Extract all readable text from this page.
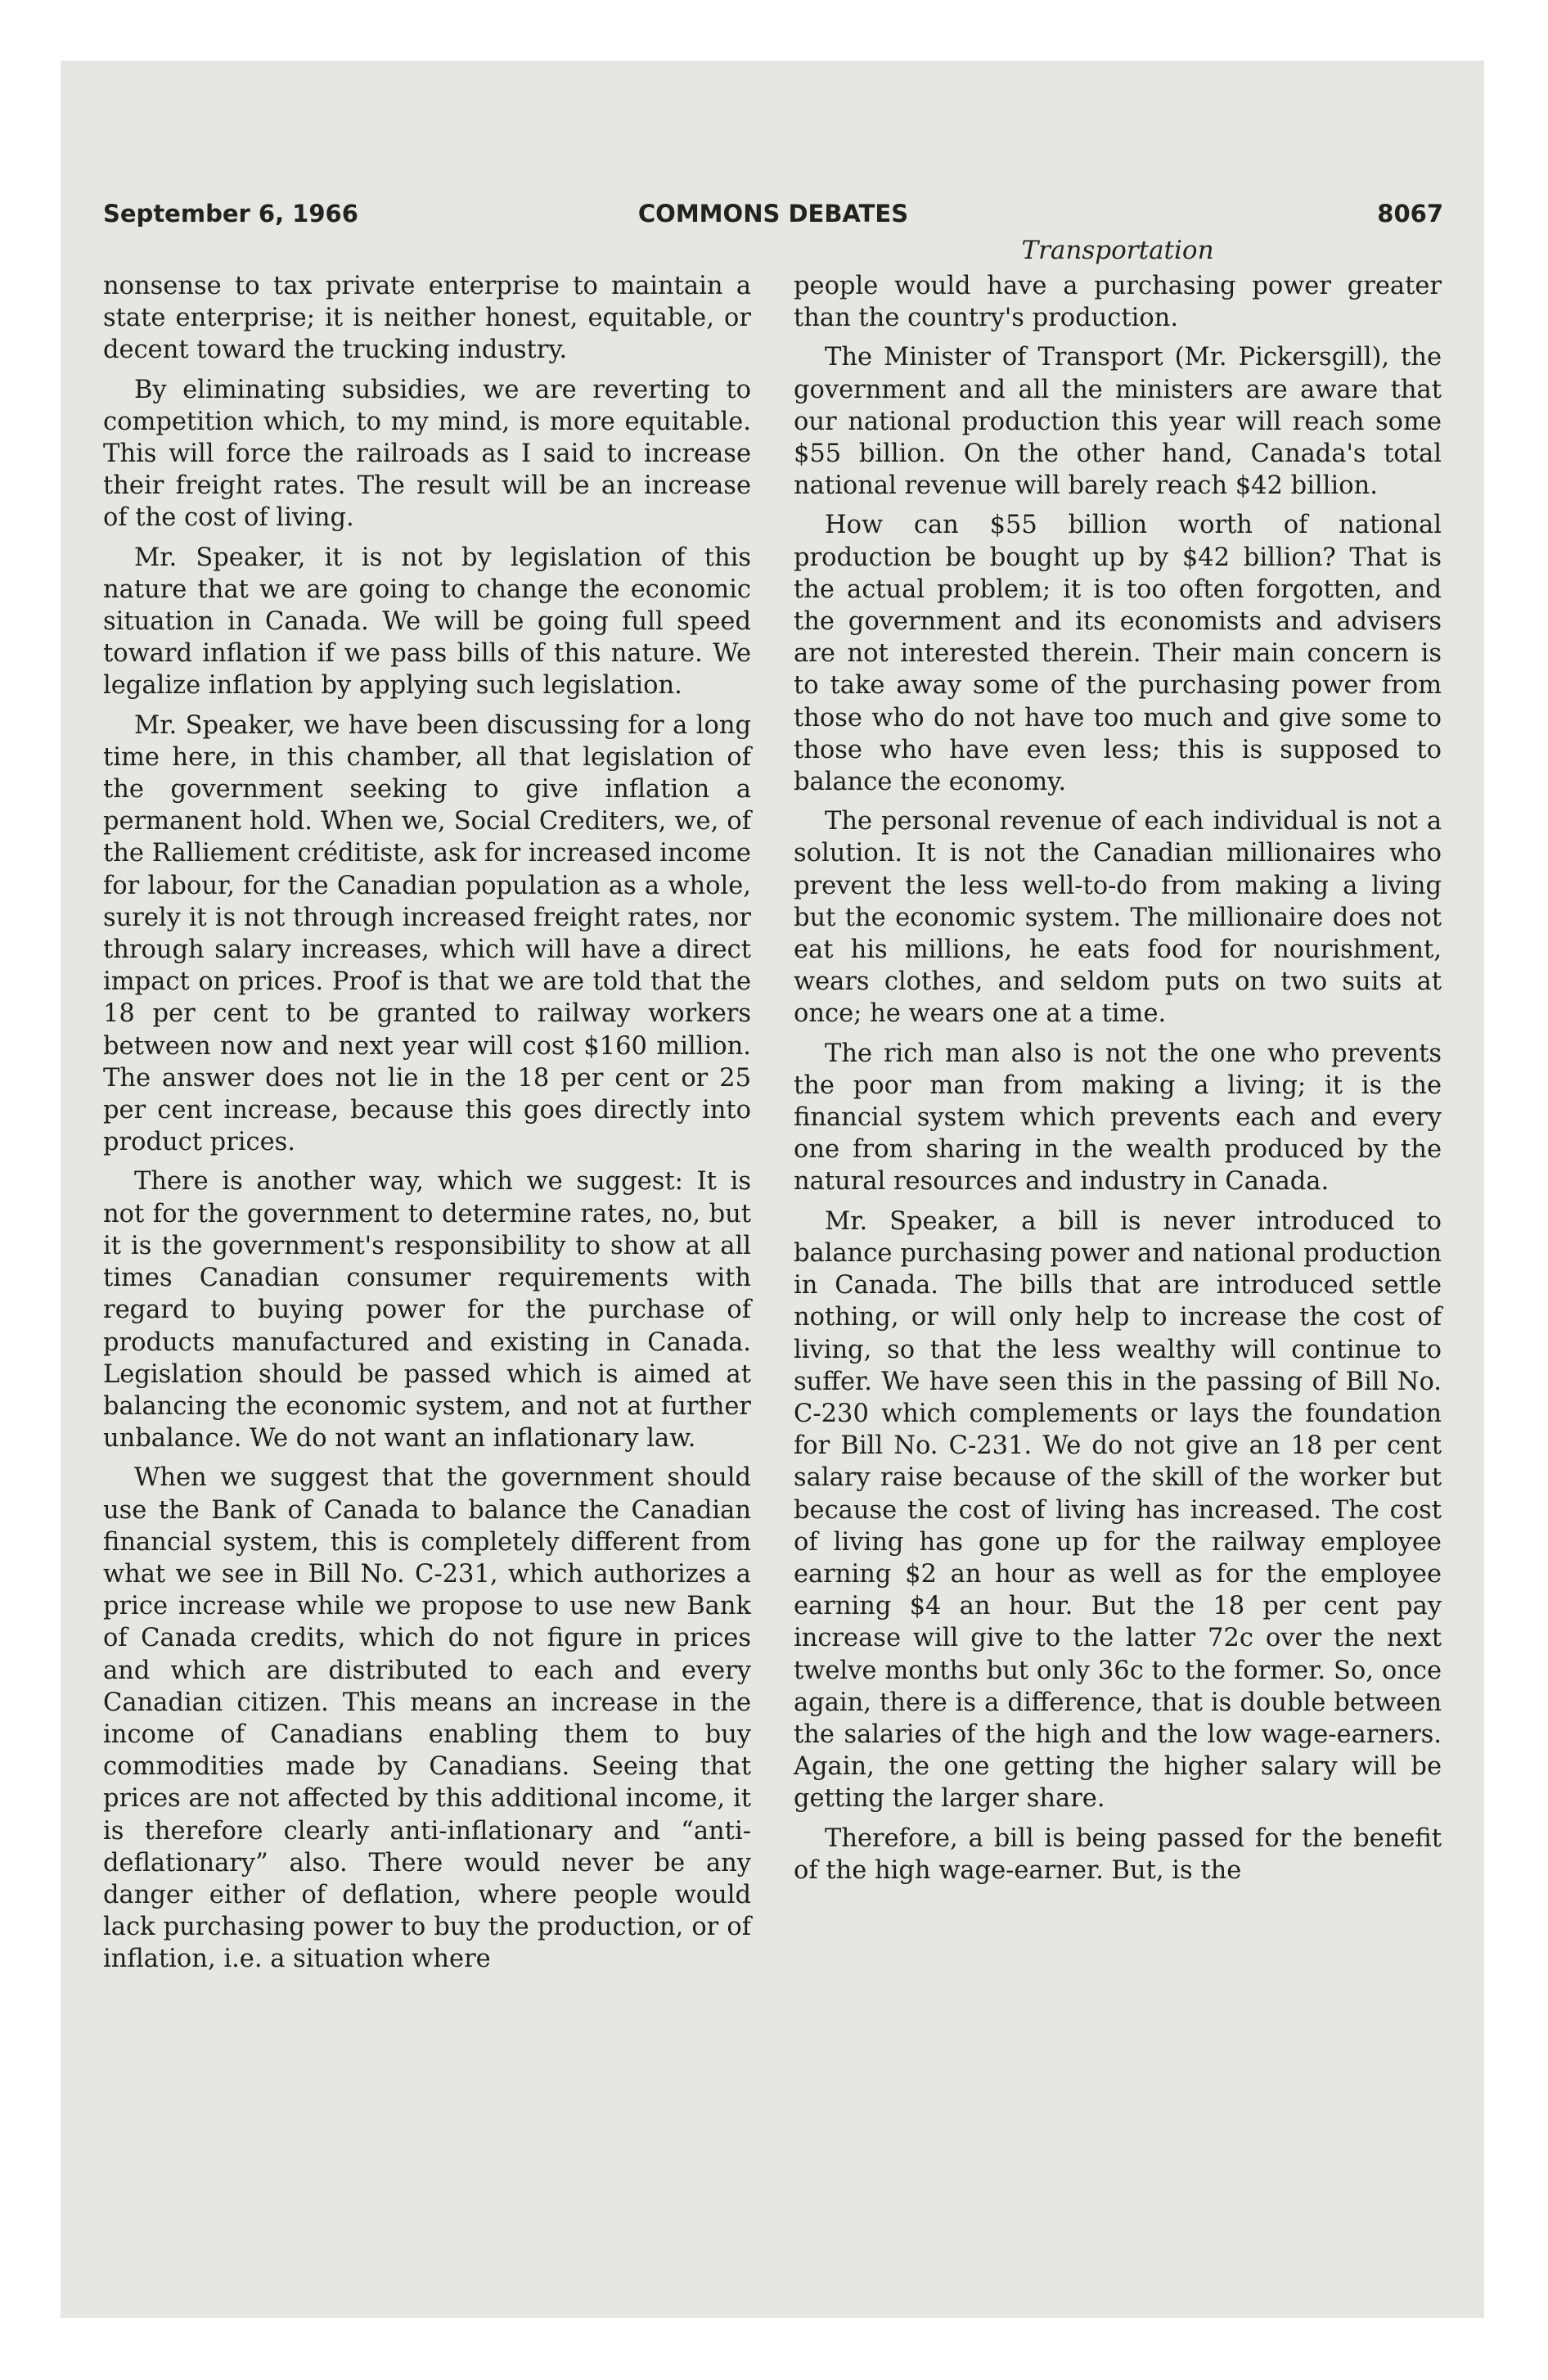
September 6, 1966	COMMONS DEBATES	8067
Transportation

nonsense to tax private enterprise to maintain a state enterprise; it is neither honest, equitable, or decent toward the trucking industry.

By eliminating subsidies, we are reverting to competition which, to my mind, is more equitable. This will force the railroads as I said to increase their freight rates. The result will be an increase of the cost of living.

Mr. Speaker, it is not by legislation of this nature that we are going to change the economic situation in Canada. We will be going full speed toward inflation if we pass bills of this nature. We legalize inflation by applying such legislation.

Mr. Speaker, we have been discussing for a long time here, in this chamber, all that legislation of the government seeking to give inflation a permanent hold. When we, Social Crediters, we, of the Ralliement créditiste, ask for increased income for labour, for the Canadian population as a whole, surely it is not through increased freight rates, nor through salary increases, which will have a direct impact on prices. Proof is that we are told that the 18 per cent to be granted to railway workers between now and next year will cost $160 million. The answer does not lie in the 18 per cent or 25 per cent increase, because this goes directly into product prices.

There is another way, which we suggest: It is not for the government to determine rates, no, but it is the government's responsibility to show at all times Canadian consumer requirements with regard to buying power for the purchase of products manufactured and existing in Canada. Legislation should be passed which is aimed at balancing the economic system, and not at further unbalance. We do not want an inflationary law.

When we suggest that the government should use the Bank of Canada to balance the Canadian financial system, this is completely different from what we see in Bill No. C-231, which authorizes a price increase while we propose to use new Bank of Canada credits, which do not figure in prices and which are distributed to each and every Canadian citizen. This means an increase in the income of Canadians enabling them to buy commodities made by Canadians. Seeing that prices are not affected by this additional income, it is therefore clearly anti-inflationary and “anti-deflationary” also. There would never be any danger either of deflation, where people would lack purchasing power to buy the production, or of inflation, i.e. a situation where

people would have a purchasing power greater than the country's production.

The Minister of Transport (Mr. Pickersgill), the government and all the ministers are aware that our national production this year will reach some $55 billion. On the other hand, Canada's total national revenue will barely reach $42 billion.

How can $55 billion worth of national production be bought up by $42 billion? That is the actual problem; it is too often forgotten, and the government and its economists and advisers are not interested therein. Their main concern is to take away some of the purchasing power from those who do not have too much and give some to those who have even less; this is supposed to balance the economy.

The personal revenue of each individual is not a solution. It is not the Canadian millionaires who prevent the less well-to-do from making a living but the economic system. The millionaire does not eat his millions, he eats food for nourishment, wears clothes, and seldom puts on two suits at once; he wears one at a time.

The rich man also is not the one who prevents the poor man from making a living; it is the financial system which prevents each and every one from sharing in the wealth produced by the natural resources and industry in Canada.

Mr. Speaker, a bill is never introduced to balance purchasing power and national production in Canada. The bills that are introduced settle nothing, or will only help to increase the cost of living, so that the less wealthy will continue to suffer. We have seen this in the passing of Bill No. C-230 which complements or lays the foundation for Bill No. C-231. We do not give an 18 per cent salary raise because of the skill of the worker but because the cost of living has increased. The cost of living has gone up for the railway employee earning $2 an hour as well as for the employee earning $4 an hour. But the 18 per cent pay increase will give to the latter 72c over the next twelve months but only 36c to the former. So, once again, there is a difference, that is double between the salaries of the high and the low wage-earners. Again, the one getting the higher salary will be getting the larger share.

Therefore, a bill is being passed for the benefit of the high wage-earner. But, is the
